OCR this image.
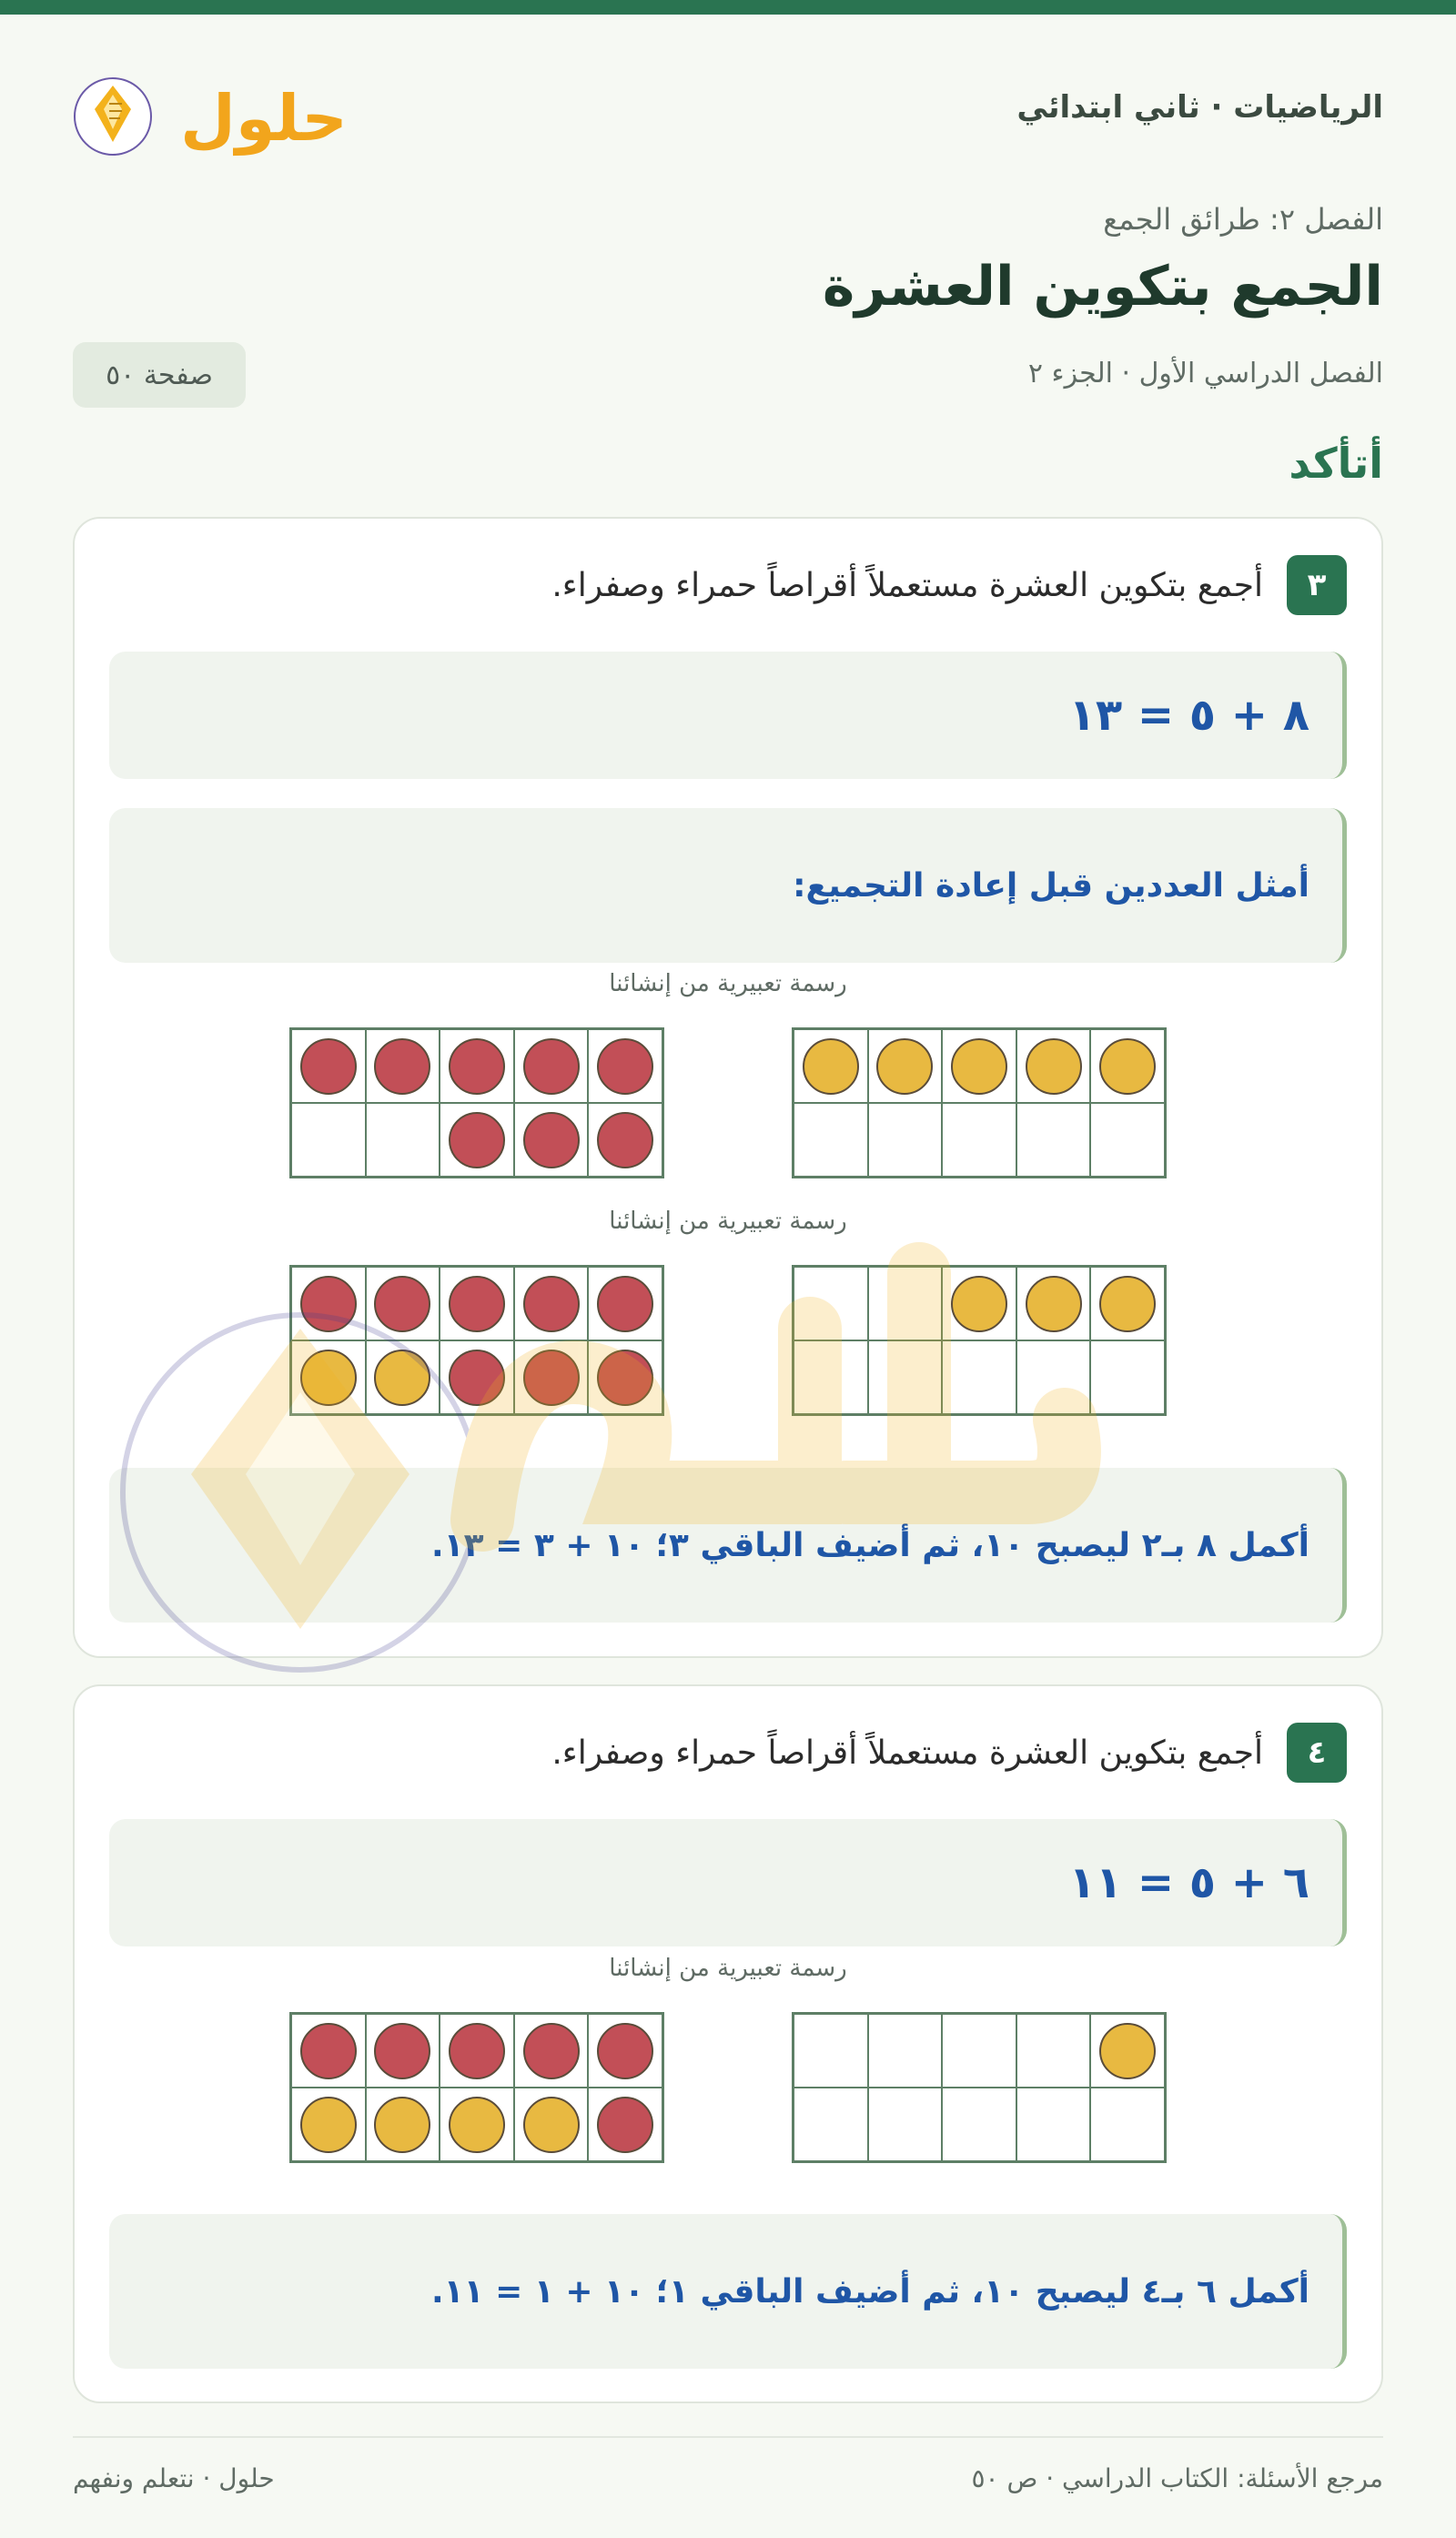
الرياضيات · ثاني ابتدائي
حلول
الفصل ٢: طرائق الجمع
الجمع بتكوين العشرة
الفصل الدراسي الأول · الجزء ٢
صفحة ٥٠
أتأكد
٣
أجمع بتكوين العشرة مستعملاً أقراصاً حمراء وصفراء.
٨ + ٥ = ١٣
أمثل العددين قبل إعادة التجميع:
رسمة تعبيرية من إنشائنا
رسمة تعبيرية من إنشائنا
أكمل ٨ بـ٢ ليصبح ١٠، ثم أضيف الباقي ٣؛ ١٠ + ٣ = ١٣.
٤
أجمع بتكوين العشرة مستعملاً أقراصاً حمراء وصفراء.
٦ + ٥ = ١١
رسمة تعبيرية من إنشائنا
أكمل ٦ بـ٤ ليصبح ١٠، ثم أضيف الباقي ١؛ ١٠ + ١ = ١١.
مرجع الأسئلة: الكتاب الدراسي · ص ٥٠
حلول · نتعلم ونفهم
